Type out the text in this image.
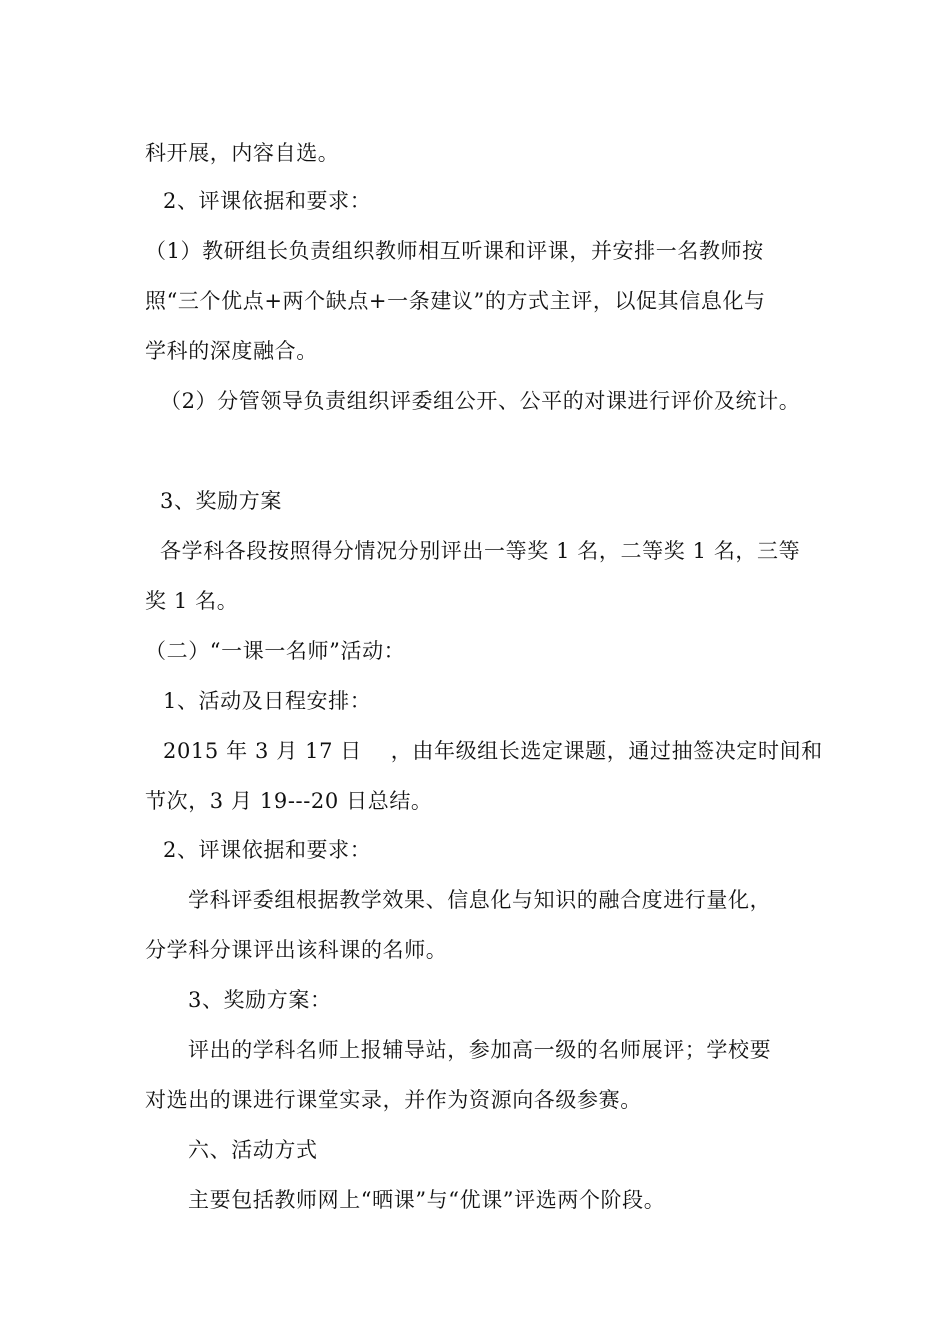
科开展，内容自选。
2、评课依据和要求：
（1）教研组长负责组织教师相互听课和评课，并安排一名教师按
照“三个优点+两个缺点+一条建议”的方式主评，以促其信息化与
学科的深度融合。
（2）分管领导负责组织评委组公开、公平的对课进行评价及统计。
3、奖励方案
各学科各段按照得分情况分别评出一等奖 1 名，二等奖 1 名，三等
奖 1 名。
（二）“一课一名师”活动：
1、活动及日程安排：
2015 年 3 月 17 日　 ，由年级组长选定课题，通过抽签决定时间和
节次，3 月 19---20 日总结。
2、评课依据和要求：
学科评委组根据教学效果、信息化与知识的融合度进行量化，
分学科分课评出该科课的名师。
3、奖励方案：
评出的学科名师上报辅导站，参加高一级的名师展评；学校要
对选出的课进行课堂实录，并作为资源向各级参赛。
六、活动方式
主要包括教师网上“晒课”与“优课”评选两个阶段。
